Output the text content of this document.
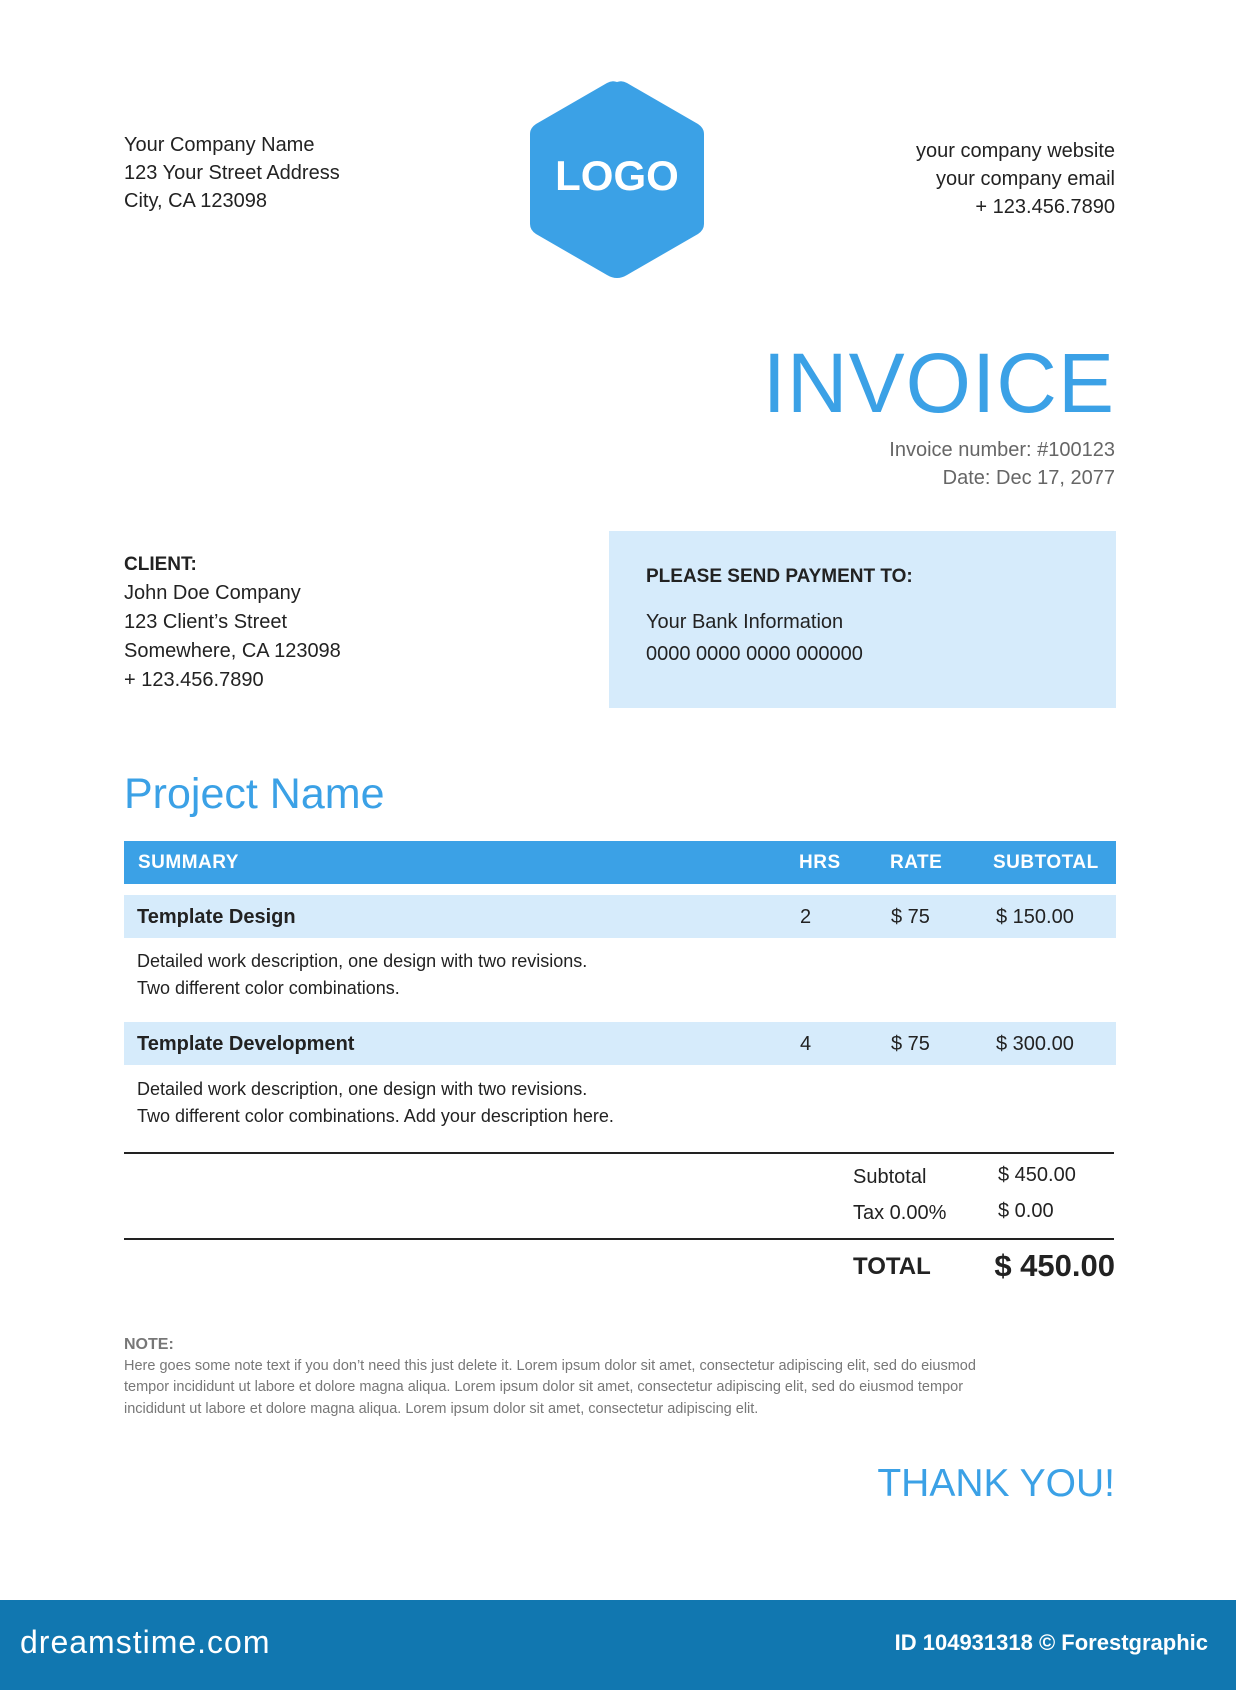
Your Company Name
123 Your Street Address
City, CA 123098
LOGO
your company website
your company email
+ 123.456.7890
INVOICE
Invoice number: #100123
Date: Dec 17, 2077
CLIENT:
John Doe Company
123 Client’s Street
Somewhere, CA 123098
+ 123.456.7890
PLEASE SEND PAYMENT TO:
Your Bank Information
0000 0000 0000 000000
Project Name
SUMMARY	HRS	RATE	SUBTOTAL
Template Design	2	$ 75	$ 150.00
Detailed work description, one design with two revisions.
Two different color combinations.
Template Development	4	$ 75	$ 300.00
Detailed work description, one design with two revisions.
Two different color combinations. Add your description here.
Subtotal	$ 450.00
Tax 0.00%	$ 0.00
TOTAL $ 450.00
NOTE:
Here goes some note text if you don’t need this just delete it. Lorem ipsum dolor sit amet, consectetur adipiscing elit, sed do eiusmod
tempor incididunt ut labore et dolore magna aliqua. Lorem ipsum dolor sit amet, consectetur adipiscing elit, sed do eiusmod tempor
incididunt ut labore et dolore magna aliqua. Lorem ipsum dolor sit amet, consectetur adipiscing elit.
THANK YOU!
dreamstime.com	ID 104931318 © Forestgraphic
